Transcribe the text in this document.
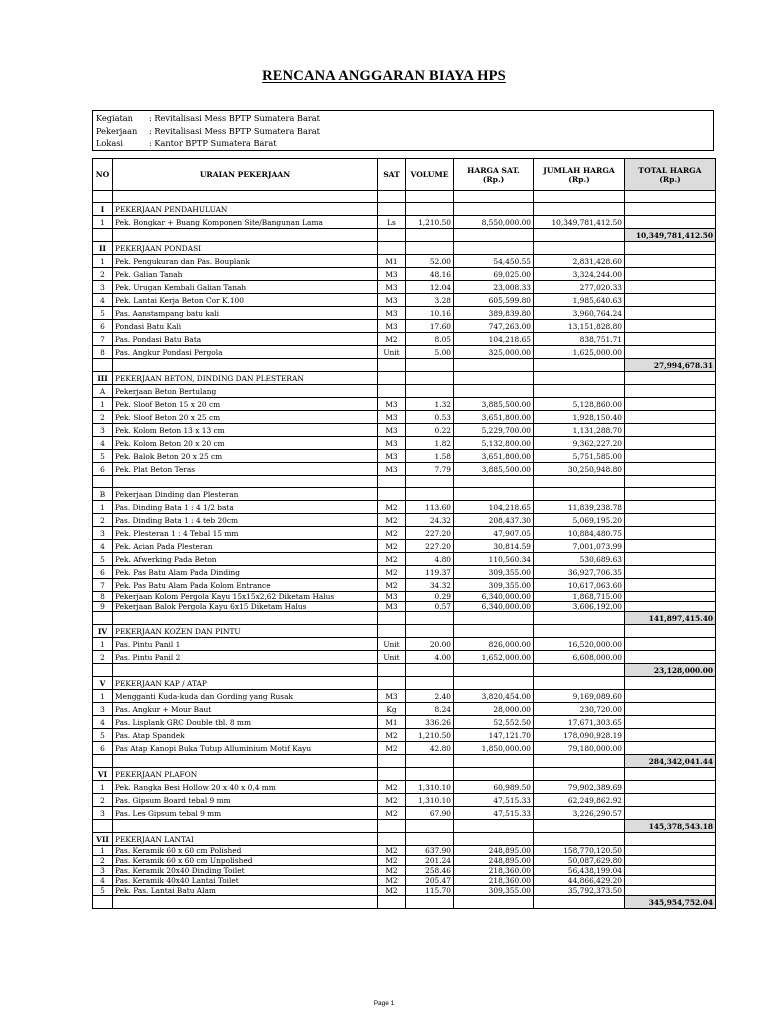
RENCANA ANGGARAN BIAYA HPS
Kegiatan : Revitalisasi Mess BPTP Sumatera Barat
Pekerjaan : Revitalisasi Mess BPTP Sumatera Barat
Lokasi	: Kantor BPTP Sumatera Barat
NO	URAIAN PEKERJAAN	SAT	VOLUME	HARGA SAT. (Rp.)	JUMLAH HARGA (Rp.)	TOTAL HARGA (Rp.)

I	PEKERJAAN PENDAHULUAN					
1	Pek. Bongkar + Buang Komponen Site/Bangunan Lama	Ls	1,210.50	8,550,000.00	10,349,781,412.50	
						10,349,781,412.50
II	PEKERJAAN PONDASI					
1	Pek. Pengukuran dan Pas. Bouplank	M1	52.00	54,450.55	2,831,428.60	
2	Pek. Galian Tanah	M3	48.16	69,025.00	3,324,244.00	
3	Pek. Urugan Kembali Galian Tanah	M3	12.04	23,008.33	277,020.33	
4	Pek. Lantai Kerja Beton Cor K.100	M3	3.28	605,599.80	1,985,640.63	
5	Pas. Aanstampang batu kali	M3	10.16	389,839.80	3,960,764.24	
6	Pondasi Batu Kali	M3	17.60	747,263.00	13,151,828.80	
7	Pas. Pondasi Batu Bata	M2	8.05	104,218.65	838,751.71	
8	Pas. Angkur Pondasi Pergola	Unit	5.00	325,000.00	1,625,000.00	
						27,994,678.31
III	PEKERJAAN BETON, DINDING DAN PLESTERAN					
A	Pekerjaan Beton Bertulang					
1	Pek. Sloof Beton 15 x 20 cm	M3	1.32	3,885,500.00	5,128,860.00	
2	Pek. Sloof Beton 20 x 25 cm	M3	0.53	3,651,800.00	1,928,150.40	
3	Pek. Kolom Beton 13 x 13 cm	M3	0.22	5,229,700.00	1,131,288.70	
4	Pek. Kolom Beton 20 x 20 cm	M3	1.82	5,132,800.00	9,362,227.20	
5	Pek. Balok Beton 20 x 25 cm	M3	1.58	3,651,800.00	5,751,585.00	
6	Pek. Plat Beton Teras	M3	7.79	3,885,500.00	30,250,948.80	

B	Pekerjaan Dinding dan Plesteran					
1	Pas. Dinding Bata 1 : 4 1/2 bata	M2	113.60	104,218.65	11,839,238.78	
2	Pas. Dinding Bata 1 : 4 teb 20cm	M2	24.32	208,437.30	5,069,195.20	
3	Pek. Plesteran 1 : 4 Tebal 15 mm	M2	227.20	47,907.05	10,884,480.75	
4	Pek. Acian Pada Plesteran	M2	227.20	30,814.59	7,001,073.99	
5	Pek. Afwerking Pada Beton	M2	4.80	110,560.34	530,689.63	
6	Pek. Pas Batu Alam Pada Dinding	M2	119.37	309,355.00	36,927,706.35	
7	Pek. Pas Batu Alam Pada Kolom Entrance	M2	34.32	309,355.00	10,617,063.60	
8	Pekerjaan Kolom Pergola Kayu 15x15x2,62 Diketam Halus	M3	0.29	6,340,000.00	1,868,715.00	
9	Pekerjaan Balok Pergola Kayu 6x15 Diketam Halus	M3	0.57	6,340,000.00	3,606,192.00	
						141,897,415.40
IV	PEKERJAAN KOZEN DAN PINTU					
1	Pas. Pintu Panil 1	Unit	20.00	826,000.00	16,520,000.00	
2	Pas. Pintu Panil 2	Unit	4.00	1,652,000.00	6,608,000.00	
						23,128,000.00
V	PEKERJAAN KAP / ATAP					
1	Mengganti Kuda-kuda dan Gording yang Rusak	M3	2.40	3,820,454.00	9,169,089.60	
3	Pas. Angkur + Mour Baut	Kg	8.24	28,000.00	230,720.00	
4	Pas. Lisplank GRC Double tbl. 8 mm	M1	336.26	52,552.50	17,671,303.65	
5	Pas. Atap Spandek	M2	1,210.50	147,121.70	178,090,928.19	
6	Pas Atap Kanopi Buka Tutup Alluminium Motif Kayu	M2	42.80	1,850,000.00	79,180,000.00	
						284,342,041.44
VI	PEKERJAAN PLAFON					
1	Pek. Rangka Besi Hollow 20 x 40 x 0,4 mm	M2	1,310.10	60,989.50	79,902,389.69	
2	Pas. Gipsum Board tebal 9 mm	M2	1,310.10	47,515.33	62,249,862.92	
3	Pas. Les Gipsum tebal 9 mm	M2	67.90	47,515.33	3,226,290.57	
						145,378,543.18
VII	PEKERJAAN LANTAI					
1	Pas. Keramik 60 x 60 cm Polished	M2	637.90	248,895.00	158,770,120.50	
2	Pas. Keramik 60 x 60 cm Unpolished	M2	201.24	248,895.00	50,087,629.80	
3	Pas. Keramik 20x40 Dinding Toilet	M2	258.46	218,360.00	56,438,199.04	
4	Pas. Keramik 40x40 Lantai Toilet	M2	205.47	218,360.00	44,866,429.20	
5	Pek. Pas. Lantai Batu Alam	M2	115.70	309,355.00	35,792,373.50	
						345,954,752.04
Page 1
